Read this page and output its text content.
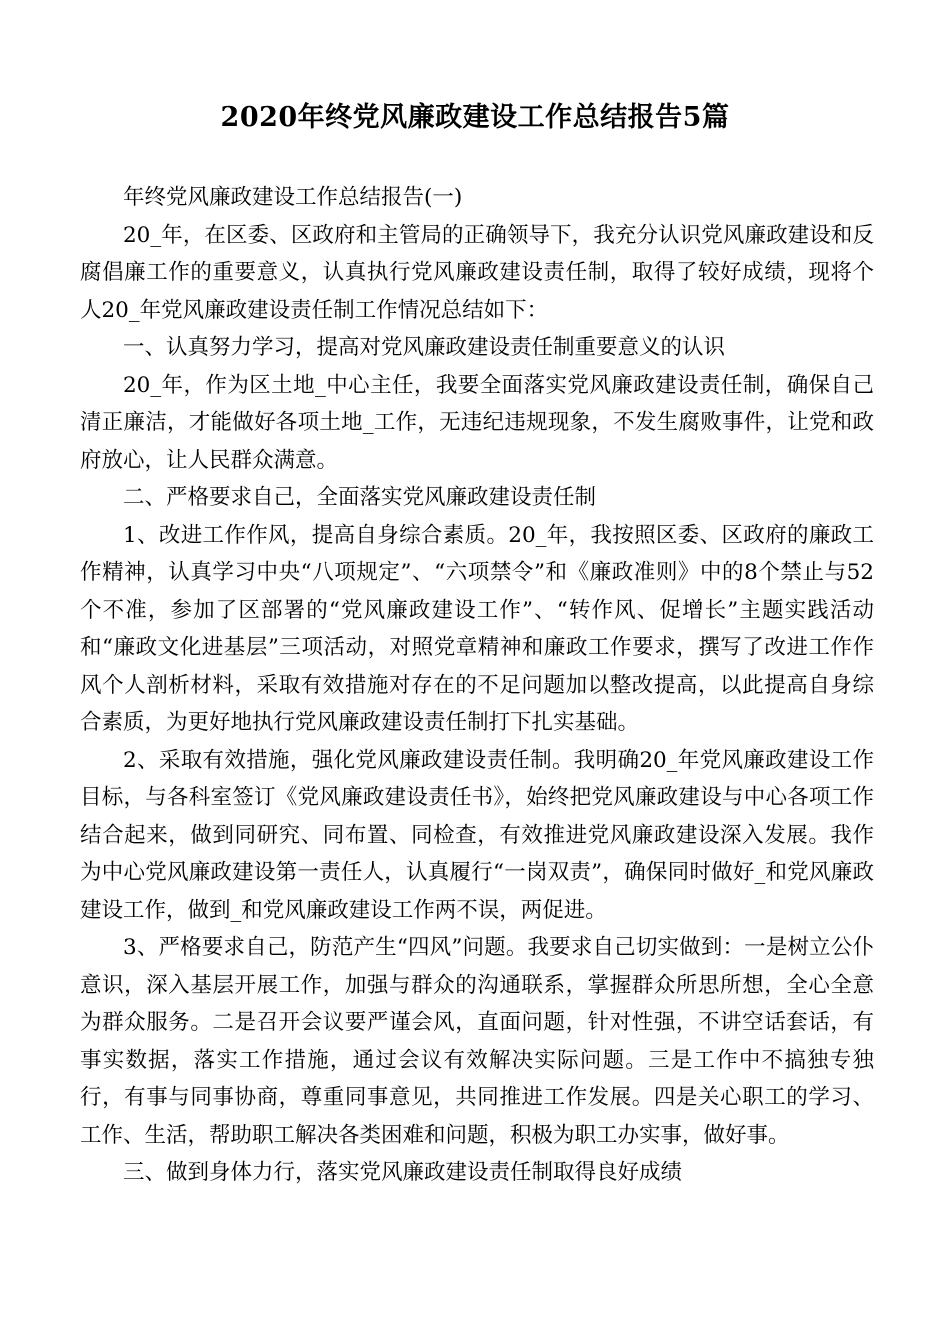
2020年终党风廉政建设工作总结报告5篇

年终党风廉政建设工作总结报告(一)

20_年，在区委、区政府和主管局的正确领导下，我充分认识党风廉政建设和反腐倡廉工作的重要意义，认真执行党风廉政建设责任制，取得了较好成绩，现将个人20_年党风廉政建设责任制工作情况总结如下：

一、认真努力学习，提高对党风廉政建设责任制重要意义的认识

20_年，作为区土地_中心主任，我要全面落实党风廉政建设责任制，确保自己清正廉洁，才能做好各项土地_工作，无违纪违规现象，不发生腐败事件，让党和政府放心，让人民群众满意。

二、严格要求自己，全面落实党风廉政建设责任制

1、改进工作作风，提高自身综合素质。20_年，我按照区委、区政府的廉政工作精神，认真学习中央“八项规定”、“六项禁令”和《廉政准则》中的8个禁止与52个不准，参加了区部署的“党风廉政建设工作”、“转作风、促增长”主题实践活动和“廉政文化进基层”三项活动，对照党章精神和廉政工作要求，撰写了改进工作作风个人剖析材料，采取有效措施对存在的不足问题加以整改提高，以此提高自身综合素质，为更好地执行党风廉政建设责任制打下扎实基础。

2、采取有效措施，强化党风廉政建设责任制。我明确20_年党风廉政建设工作目标，与各科室签订《党风廉政建设责任书》，始终把党风廉政建设与中心各项工作结合起来，做到同研究、同布置、同检查，有效推进党风廉政建设深入发展。我作为中心党风廉政建设第一责任人，认真履行“一岗双责”，确保同时做好_和党风廉政建设工作，做到_和党风廉政建设工作两不误，两促进。

3、严格要求自己，防范产生“四风”问题。我要求自己切实做到：一是树立公仆意识，深入基层开展工作，加强与群众的沟通联系，掌握群众所思所想，全心全意为群众服务。二是召开会议要严谨会风，直面问题，针对性强，不讲空话套话，有事实数据，落实工作措施，通过会议有效解决实际问题。三是工作中不搞独专独行，有事与同事协商，尊重同事意见，共同推进工作发展。四是关心职工的学习、工作、生活，帮助职工解决各类困难和问题，积极为职工办实事，做好事。

三、做到身体力行，落实党风廉政建设责任制取得良好成绩
